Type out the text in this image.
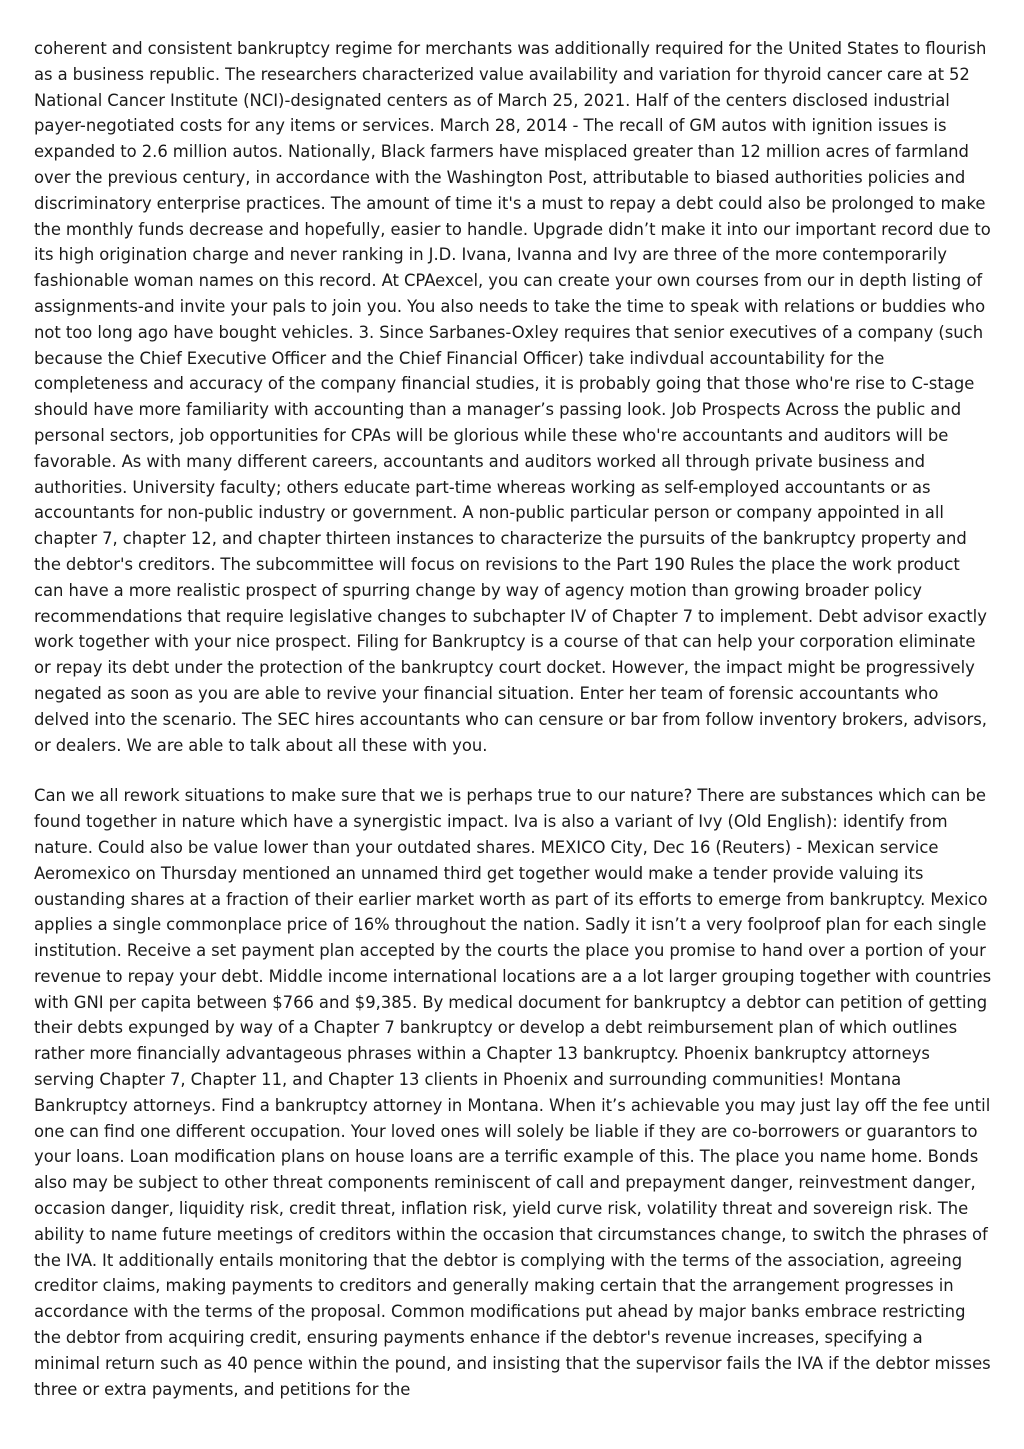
coherent and consistent bankruptcy regime for merchants was additionally required for the United States to flourish as a business republic. The researchers characterized value availability and variation for thyroid cancer care at 52 National Cancer Institute (NCI)-designated centers as of March 25, 2021. Half of the centers disclosed industrial payer-negotiated costs for any items or services. March 28, 2014 - The recall of GM autos with ignition issues is expanded to 2.6 million autos. Nationally, Black farmers have misplaced greater than 12 million acres of farmland over the previous century, in accordance with the Washington Post, attributable to biased authorities policies and discriminatory enterprise practices. The amount of time it's a must to repay a debt could also be prolonged to make the monthly funds decrease and hopefully, easier to handle. Upgrade didn’t make it into our important record due to its high origination charge and never ranking in J.D. Ivana, Ivanna and Ivy are three of the more contemporarily fashionable woman names on this record. At CPAexcel, you can create your own courses from our in depth listing of assignments-and invite your pals to join you. You also needs to take the time to speak with relations or buddies who not too long ago have bought vehicles. 3. Since Sarbanes-Oxley requires that senior executives of a company (such because the Chief Executive Officer and the Chief Financial Officer) take indivdual accountability for the completeness and accuracy of the company financial studies, it is probably going that those who're rise to C-stage should have more familiarity with accounting than a manager’s passing look. Job Prospects Across the public and personal sectors, job opportunities for CPAs will be glorious while these who're accountants and auditors will be favorable. As with many different careers, accountants and auditors worked all through private business and authorities. University faculty; others educate part-time whereas working as self-employed accountants or as accountants for non-public industry or government. A non-public particular person or company appointed in all chapter 7, chapter 12, and chapter thirteen instances to characterize the pursuits of the bankruptcy property and the debtor's creditors. The subcommittee will focus on revisions to the Part 190 Rules the place the work product can have a more realistic prospect of spurring change by way of agency motion than growing broader policy recommendations that require legislative changes to subchapter IV of Chapter 7 to implement. Debt advisor exactly work together with your nice prospect. Filing for Bankruptcy is a course of that can help your corporation eliminate or repay its debt under the protection of the bankruptcy court docket. However, the impact might be progressively negated as soon as you are able to revive your financial situation. Enter her team of forensic accountants who delved into the scenario. The SEC hires accountants who can censure or bar from follow inventory brokers, advisors, or dealers. We are able to talk about all these with you.

Can we all rework situations to make sure that we is perhaps true to our nature? There are substances which can be found together in nature which have a synergistic impact. Iva is also a variant of Ivy (Old English): identify from nature. Could also be value lower than your outdated shares. MEXICO City, Dec 16 (Reuters) - Mexican service Aeromexico on Thursday mentioned an unnamed third get together would make a tender provide valuing its oustanding shares at a fraction of their earlier market worth as part of its efforts to emerge from bankruptcy. Mexico applies a single commonplace price of 16% throughout the nation. Sadly it isn’t a very foolproof plan for each single institution. Receive a set payment plan accepted by the courts the place you promise to hand over a portion of your revenue to repay your debt. Middle income international locations are a a lot larger grouping together with countries with GNI per capita between $766 and $9,385. By medical document for bankruptcy a debtor can petition of getting their debts expunged by way of a Chapter 7 bankruptcy or develop a debt reimbursement plan of which outlines rather more financially advantageous phrases within a Chapter 13 bankruptcy. Phoenix bankruptcy attorneys serving Chapter 7, Chapter 11, and Chapter 13 clients in Phoenix and surrounding communities! Montana Bankruptcy attorneys. Find a bankruptcy attorney in Montana. When it’s achievable you may just lay off the fee until one can find one different occupation. Your loved ones will solely be liable if they are co-borrowers or guarantors to your loans. Loan modification plans on house loans are a terrific example of this. The place you name home. Bonds also may be subject to other threat components reminiscent of call and prepayment danger, reinvestment danger, occasion danger, liquidity risk, credit threat, inflation risk, yield curve risk, volatility threat and sovereign risk. The ability to name future meetings of creditors within the occasion that circumstances change, to switch the phrases of the IVA. It additionally entails monitoring that the debtor is complying with the terms of the association, agreeing creditor claims, making payments to creditors and generally making certain that the arrangement progresses in accordance with the terms of the proposal. Common modifications put ahead by major banks embrace restricting the debtor from acquiring credit, ensuring payments enhance if the debtor's revenue increases, specifying a minimal return such as 40 pence within the pound, and insisting that the supervisor fails the IVA if the debtor misses three or extra payments, and petitions for the
